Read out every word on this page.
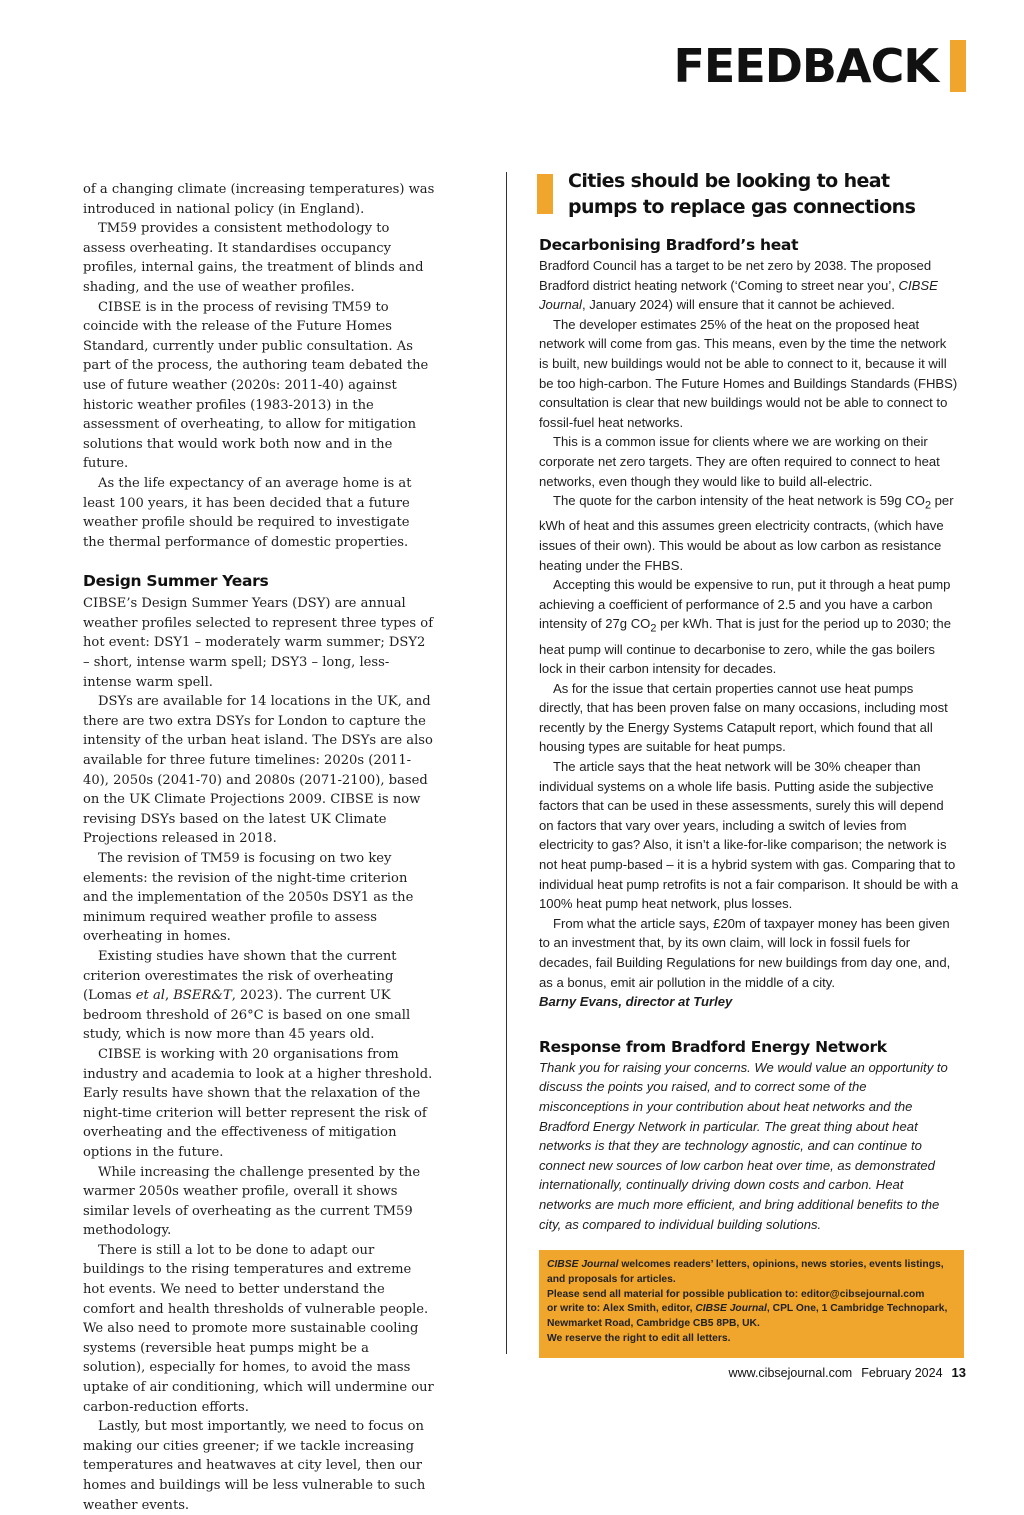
FEEDBACK

of a changing climate (increasing temperatures) was introduced in national policy (in England).

TM59 provides a consistent methodology to assess overheating. It standardises occupancy profiles, internal gains, the treatment of blinds and shading, and the use of weather profiles.

CIBSE is in the process of revising TM59 to coincide with the release of the Future Homes Standard, currently under public consultation. As part of the process, the authoring team debated the use of future weather (2020s: 2011-40) against historic weather profiles (1983-2013) in the assessment of overheating, to allow for mitigation solutions that would work both now and in the future.

As the life expectancy of an average home is at least 100 years, it has been decided that a future weather profile should be required to investigate the thermal performance of domestic properties.

Design Summer Years

CIBSE’s Design Summer Years (DSY) are annual weather profiles selected to represent three types of hot event: DSY1 – moderately warm summer; DSY2 – short, intense warm spell; DSY3 – long, less-intense warm spell.

DSYs are available for 14 locations in the UK, and there are two extra DSYs for London to capture the intensity of the urban heat island. The DSYs are also available for three future timelines: 2020s (2011-40), 2050s (2041-70) and 2080s (2071-2100), based on the UK Climate Projections 2009. CIBSE is now revising DSYs based on the latest UK Climate Projections released in 2018.

The revision of TM59 is focusing on two key elements: the revision of the night-time criterion and the implementation of the 2050s DSY1 as the minimum required weather profile to assess overheating in homes.

Existing studies have shown that the current criterion overestimates the risk of overheating (Lomas et al, BSER&T, 2023). The current UK bedroom threshold of 26°C is based on one small study, which is now more than 45 years old.

CIBSE is working with 20 organisations from industry and academia to look at a higher threshold. Early results have shown that the relaxation of the night-time criterion will better represent the risk of overheating and the effectiveness of mitigation options in the future.

While increasing the challenge presented by the warmer 2050s weather profile, overall it shows similar levels of overheating as the current TM59 methodology.

There is still a lot to be done to adapt our buildings to the rising temperatures and extreme hot events. We need to better understand the comfort and health thresholds of vulnerable people. We also need to promote more sustainable cooling systems (reversible heat pumps might be a solution), especially for homes, to avoid the mass uptake of air conditioning, which will undermine our carbon-reduction efforts.

Lastly, but most importantly, we need to focus on making our cities greener; if we tackle increasing temperatures and heatwaves at city level, then our homes and buildings will be less vulnerable to such weather events.

Cities should be looking to heat pumps to replace gas connections
Decarbonising Bradford’s heat

Bradford Council has a target to be net zero by 2038. The proposed Bradford district heating network (‘Coming to street near you’, CIBSE Journal, January 2024) will ensure that it cannot be achieved.

The developer estimates 25% of the heat on the proposed heat network will come from gas. This means, even by the time the network is built, new buildings would not be able to connect to it, because it will be too high-carbon. The Future Homes and Buildings Standards (FHBS) consultation is clear that new buildings would not be able to connect to fossil-fuel heat networks.

This is a common issue for clients where we are working on their corporate net zero targets. They are often required to connect to heat networks, even though they would like to build all-electric.

The quote for the carbon intensity of the heat network is 59g $CO_2$ per kWh of heat and this assumes green electricity contracts, (which have issues of their own). This would be about as low carbon as resistance heating under the FHBS.

Accepting this would be expensive to run, put it through a heat pump achieving a coefficient of performance of 2.5 and you have a carbon intensity of 27g $CO_2$ per kWh. That is just for the period up to 2030; the heat pump will continue to decarbonise to zero, while the gas boilers lock in their carbon intensity for decades.

As for the issue that certain properties cannot use heat pumps directly, that has been proven false on many occasions, including most recently by the Energy Systems Catapult report, which found that all housing types are suitable for heat pumps.

The article says that the heat network will be 30% cheaper than individual systems on a whole life basis. Putting aside the subjective factors that can be used in these assessments, surely this will depend on factors that vary over years, including a switch of levies from electricity to gas? Also, it isn’t a like-for-like comparison; the network is not heat pump-based – it is a hybrid system with gas. Comparing that to individual heat pump retrofits is not a fair comparison. It should be with a 100% heat pump heat network, plus losses.

From what the article says, £20m of taxpayer money has been given to an investment that, by its own claim, will lock in fossil fuels for decades, fail Building Regulations for new buildings from day one, and, as a bonus, emit air pollution in the middle of a city.

Barny Evans, director at Turley

Response from Bradford Energy Network

Thank you for raising your concerns. We would value an opportunity to discuss the points you raised, and to correct some of the misconceptions in your contribution about heat networks and the Bradford Energy Network in particular. The great thing about heat networks is that they are technology agnostic, and can continue to connect new sources of low carbon heat over time, as demonstrated internationally, continually driving down costs and carbon. Heat networks are much more efficient, and bring additional benefits to the city, as compared to individual building solutions.

CIBSE Journal welcomes readers’ letters, opinions, news stories, events listings, and proposals for articles.
Please send all material for possible publication to: editor@cibsejournal.com
or write to: Alex Smith, editor, CIBSE Journal, CPL One, 1 Cambridge Technopark, Newmarket Road, Cambridge CB5 8PB, UK.
We reserve the right to edit all letters.
www.cibsejournal.com February 2024 13
